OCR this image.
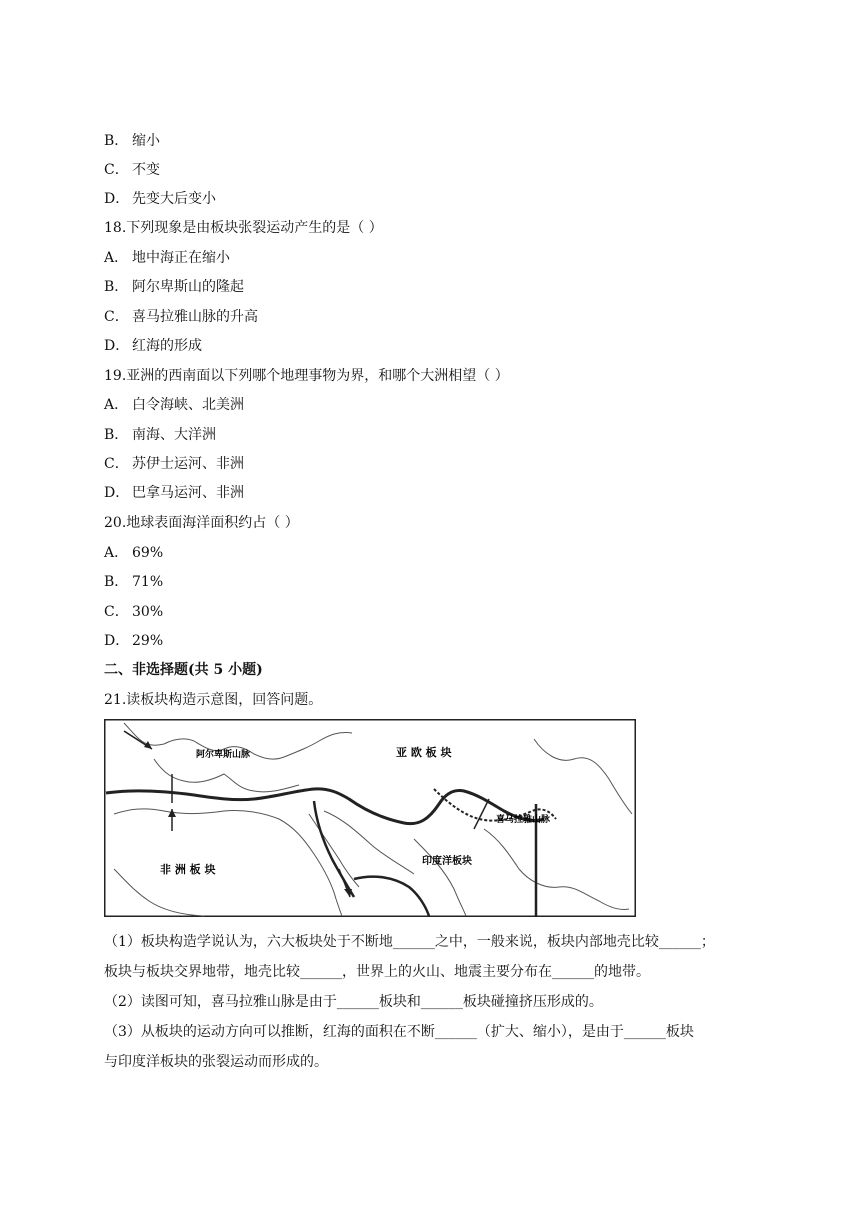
B． 缩小
C． 不变
D． 先变大后变小
18.下列现象是由板块张裂运动产生的是（ ）
A． 地中海正在缩小
B． 阿尔卑斯山的隆起
C． 喜马拉雅山脉的升高
D． 红海的形成
19.亚洲的西南面以下列哪个地理事物为界，和哪个大洲相望（ ）
A． 白令海峡、北美洲
B． 南海、大洋洲
C． 苏伊士运河、非洲
D． 巴拿马运河、非洲
20.地球表面海洋面积约占（ ）
A． 69%
B． 71%
C． 30%
D． 29%
二、非选择题(共 5 小题)
21.读板块构造示意图，回答问题。
亚 欧 板 块
非 洲 板 块
印度洋板块
阿尔卑斯山脉
喜马拉雅山脉
（1）板块构造学说认为，六大板块处于不断地______之中，一般来说，板块内部地壳比较______；
板块与板块交界地带，地壳比较______，世界上的火山、地震主要分布在______的地带。
（2）读图可知，喜马拉雅山脉是由于______板块和______板块碰撞挤压形成的。
（3）从板块的运动方向可以推断，红海的面积在不断______（扩大、缩小），是由于______板块
与印度洋板块的张裂运动而形成的。
